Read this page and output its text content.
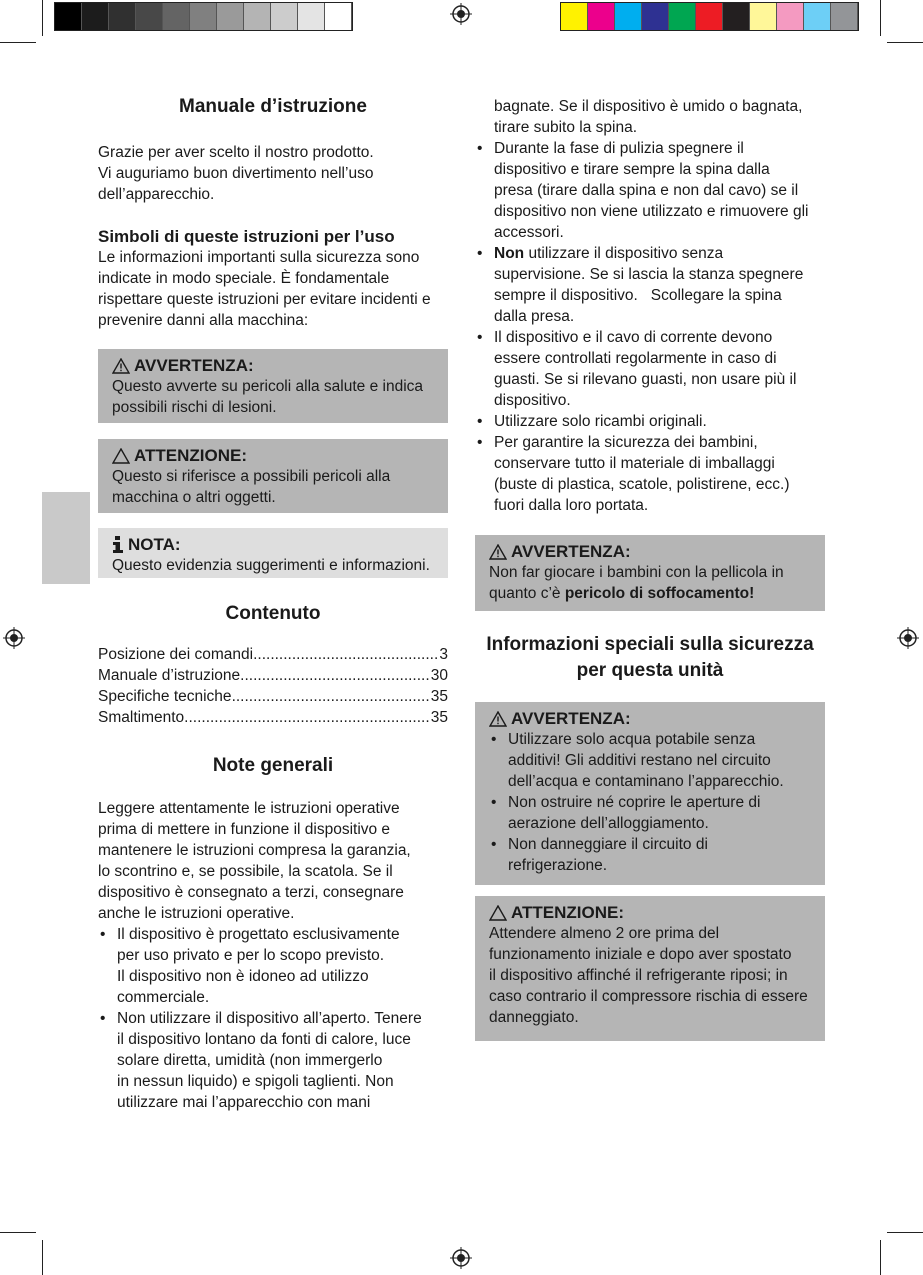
Manuale d’istruzione
Grazie per aver scelto il nostro prodotto.
Vi auguriamo buon divertimento nell’uso
dell’apparecchio.
Simboli di queste istruzioni per l’uso
Le informazioni importanti sulla sicurezza sono
indicate in modo speciale. È fondamentale
rispettare queste istruzioni per evitare incidenti e
prevenire danni alla macchina:
AVVERTENZA:
Questo avverte su pericoli alla salute e indica
possibili rischi di lesioni.
ATTENZIONE:
Questo si riferisce a possibili pericoli alla
macchina o altri oggetti.
NOTA:
Questo evidenzia suggerimenti e informazioni.
Contenuto
Posizione dei comandi .....	3
Manuale d’istruzione .....	30
Specifiche tecniche .....	35
Smaltimento .....	35
Note generali
Leggere attentamente le istruzioni operative
prima di mettere in funzione il dispositivo e
mantenere le istruzioni compresa la garanzia,
lo scontrino e, se possibile, la scatola. Se il
dispositivo è consegnato a terzi, consegnare
anche le istruzioni operative.
• Il dispositivo è progettato esclusivamente
per uso privato e per lo scopo previsto.
Il dispositivo non è idoneo ad utilizzo
commerciale.
• Non utilizzare il dispositivo all’aperto. Tenere
il dispositivo lontano da fonti di calore, luce
solare diretta, umidità (non immergerlo
in nessun liquido) e spigoli taglienti. Non
utilizzare mai l’apparecchio con mani
bagnate. Se il dispositivo è umido o bagnata,
tirare subito la spina.
• Durante la fase di pulizia spegnere il
dispositivo e tirare sempre la spina dalla
presa (tirare dalla spina e non dal cavo) se il
dispositivo non viene utilizzato e rimuovere gli
accessori.
• Non utilizzare il dispositivo senza
supervisione. Se si lascia la stanza spegnere
sempre il dispositivo.   Scollegare la spina
dalla presa.
• Il dispositivo e il cavo di corrente devono
essere controllati regolarmente in caso di
guasti. Se si rilevano guasti, non usare più il
dispositivo.
• Utilizzare solo ricambi originali.
• Per garantire la sicurezza dei bambini,
conservare tutto il materiale di imballaggi
(buste di plastica, scatole, polistirene, ecc.)
fuori dalla loro portata.
AVVERTENZA:
Non far giocare i bambini con la pellicola in
quanto c’è pericolo di soffocamento!
Informazioni speciali sulla sicurezza
per questa unità
AVVERTENZA:
• Utilizzare solo acqua potabile senza
additivi! Gli additivi restano nel circuito
dell’acqua e contaminano l’apparecchio.
• Non ostruire né coprire le aperture di
aerazione dell’alloggiamento.
• Non danneggiare il circuito di
refrigerazione.
ATTENZIONE:
Attendere almeno 2 ore prima del
funzionamento iniziale e dopo aver spostato
il dispositivo affinché il refrigerante riposi; in
caso contrario il compressore rischia di essere
danneggiato.
